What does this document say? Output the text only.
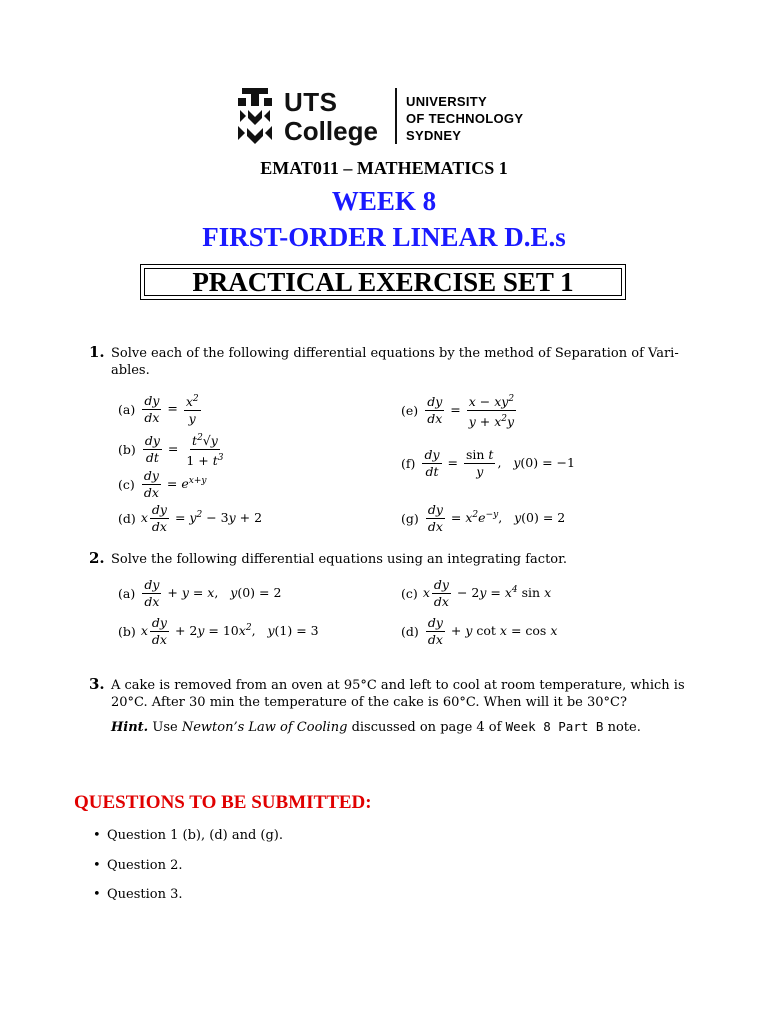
UTS
College
UNIVERSITY
OF TECHNOLOGY
SYDNEY
EMAT011 – MATHEMATICS 1
WEEK 8
FIRST-ORDER LINEAR D.E.s
PRACTICAL EXERCISE SET 1
1. Solve each of the following differential equations by the method of Separation of Vari-
ables.
(a)
$\frac{dy}{dx} = \frac{x^2}{y}$
(b)
$\frac{dy}{dt} = \frac{t^2√y}{1 + t^3}$
(c)
$\frac{dy}{dx} = e^{x+y}$
(d)
x $\frac{dy}{dx} = y^2 - 3y + 2$
(e)
$\frac{dy}{dx} = \frac{x - xy^2}{y + x^2y}$
(f)
$\frac{dy}{dt} = \frac{\text{sin t}}{y}$ ,   y(0) = −1
(g)
$\frac{dy}{dx} = x^2e^{-y}$,   y(0) = 2
2. Solve the following differential equations using an integrating factor.
(a)
$\frac{dy}{dx} + y = x$,   y(0) = 2
(b)
x $\frac{dy}{dx} + 2y = 10x^2$,   y(1) = 3
(c)
x $\frac{dy}{dx} - 2y = x^4$ sin x
(d)
$\frac{dy}{dx} + y$ cot x = cos x
3. A cake is removed from an oven at 95°C and left to cool at room temperature, which is
20°C. After 30 min the temperature of the cake is 60°C. When will it be 30°C?
Hint. Use Newton’s Law of Cooling discussed on page 4 of Week 8 Part B note.
QUESTIONS TO BE SUBMITTED:
• Question 1 (b), (d) and (g).
• Question 2.
• Question 3.
